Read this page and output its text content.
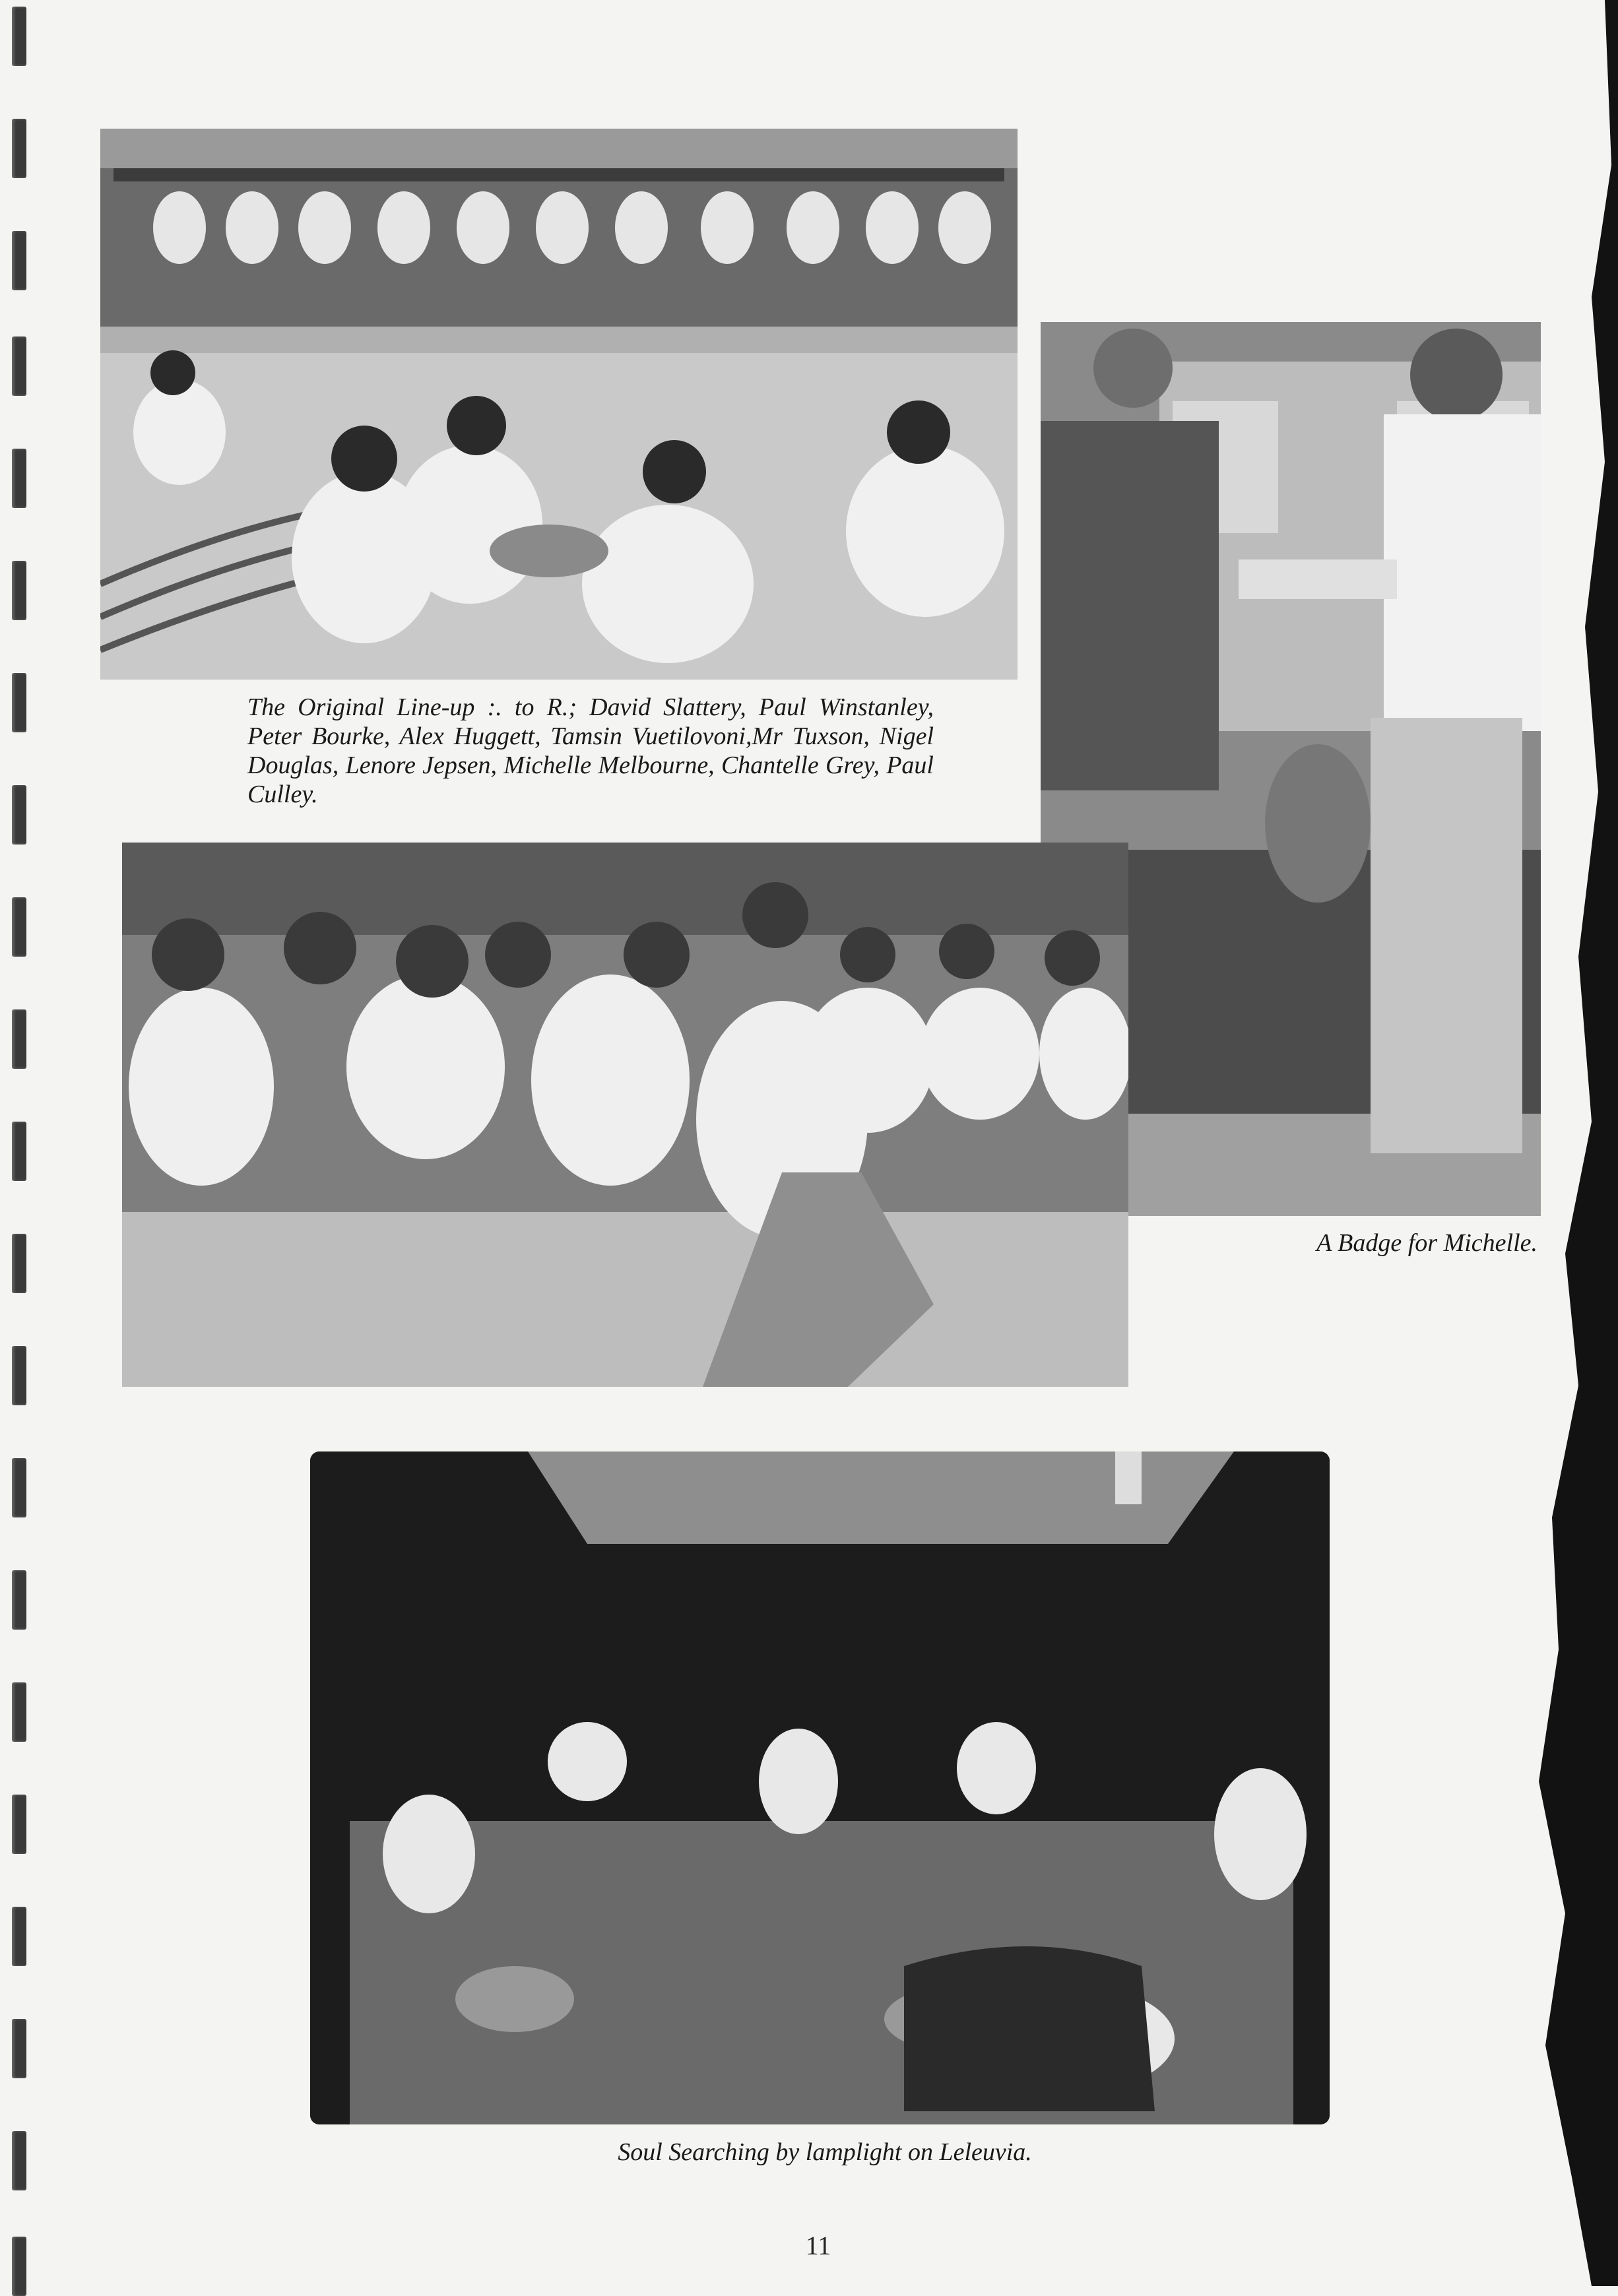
The Original Line-up :. to R.; David Slattery, Paul Winstanley, Peter Bourke, Alex Huggett, Tamsin Vuetilovoni,Mr Tuxson, Nigel Douglas, Lenore Jepsen, Michelle Melbourne, Chantelle Grey, Paul Culley.
A Badge for Michelle.
Soul Searching by lamplight on Leleuvia.
11
